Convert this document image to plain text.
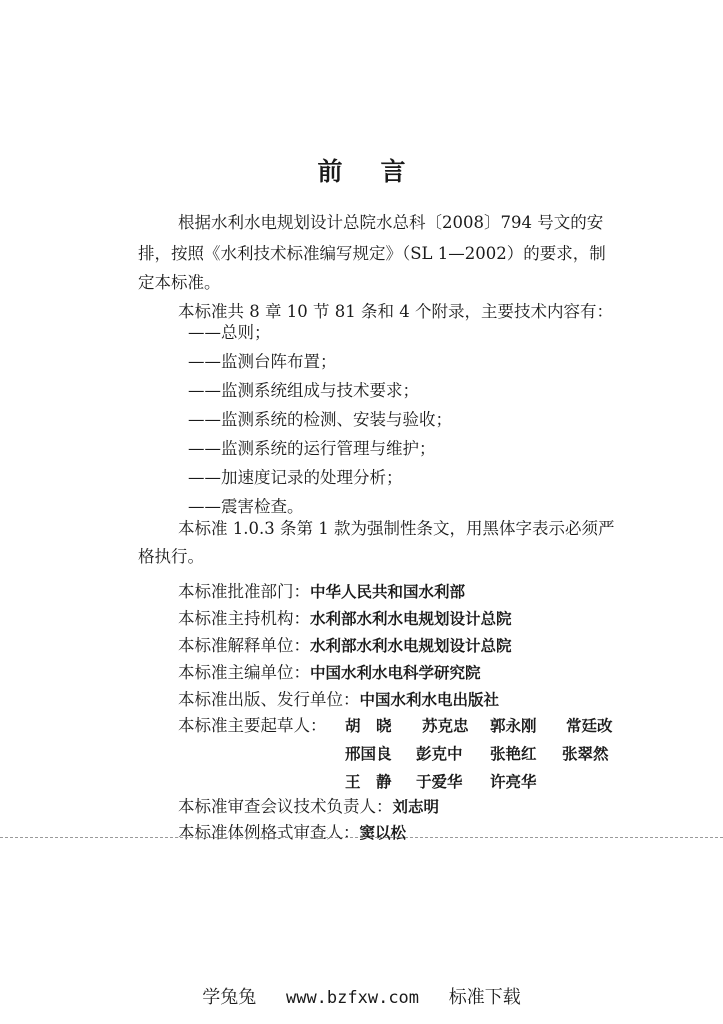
前言
根据水利水电规划设计总院水总科〔2008〕794 号文的安
排，按照《水利技术标准编写规定》（SL 1—2002）的要求，制
定本标准。
本标准共 8 章 10 节 81 条和 4 个附录，主要技术内容有：
——总则；
——监测台阵布置；
——监测系统组成与技术要求；
——监测系统的检测、安装与验收；
——监测系统的运行管理与维护；
——加速度记录的处理分析；
——震害检查。
本标准 1.0.3 条第 1 款为强制性条文，用黑体字表示必须严
格执行。
本标准批准部门：中华人民共和国水利部
本标准主持机构：水利部水利水电规划设计总院
本标准解释单位：水利部水利水电规划设计总院
本标准主编单位：中国水利水电科学研究院
本标准出版、发行单位：中国水利水电出版社
本标准主要起草人： 胡　晓 苏克忠 郭永刚 常廷改
邢国良 彭克中 张艳红 张翠然
王　静 于爱华 许亮华
本标准审查会议技术负责人：刘志明
本标准体例格式审查人：窦以松
学兔兔 www.bzfxw.com 标准下载
